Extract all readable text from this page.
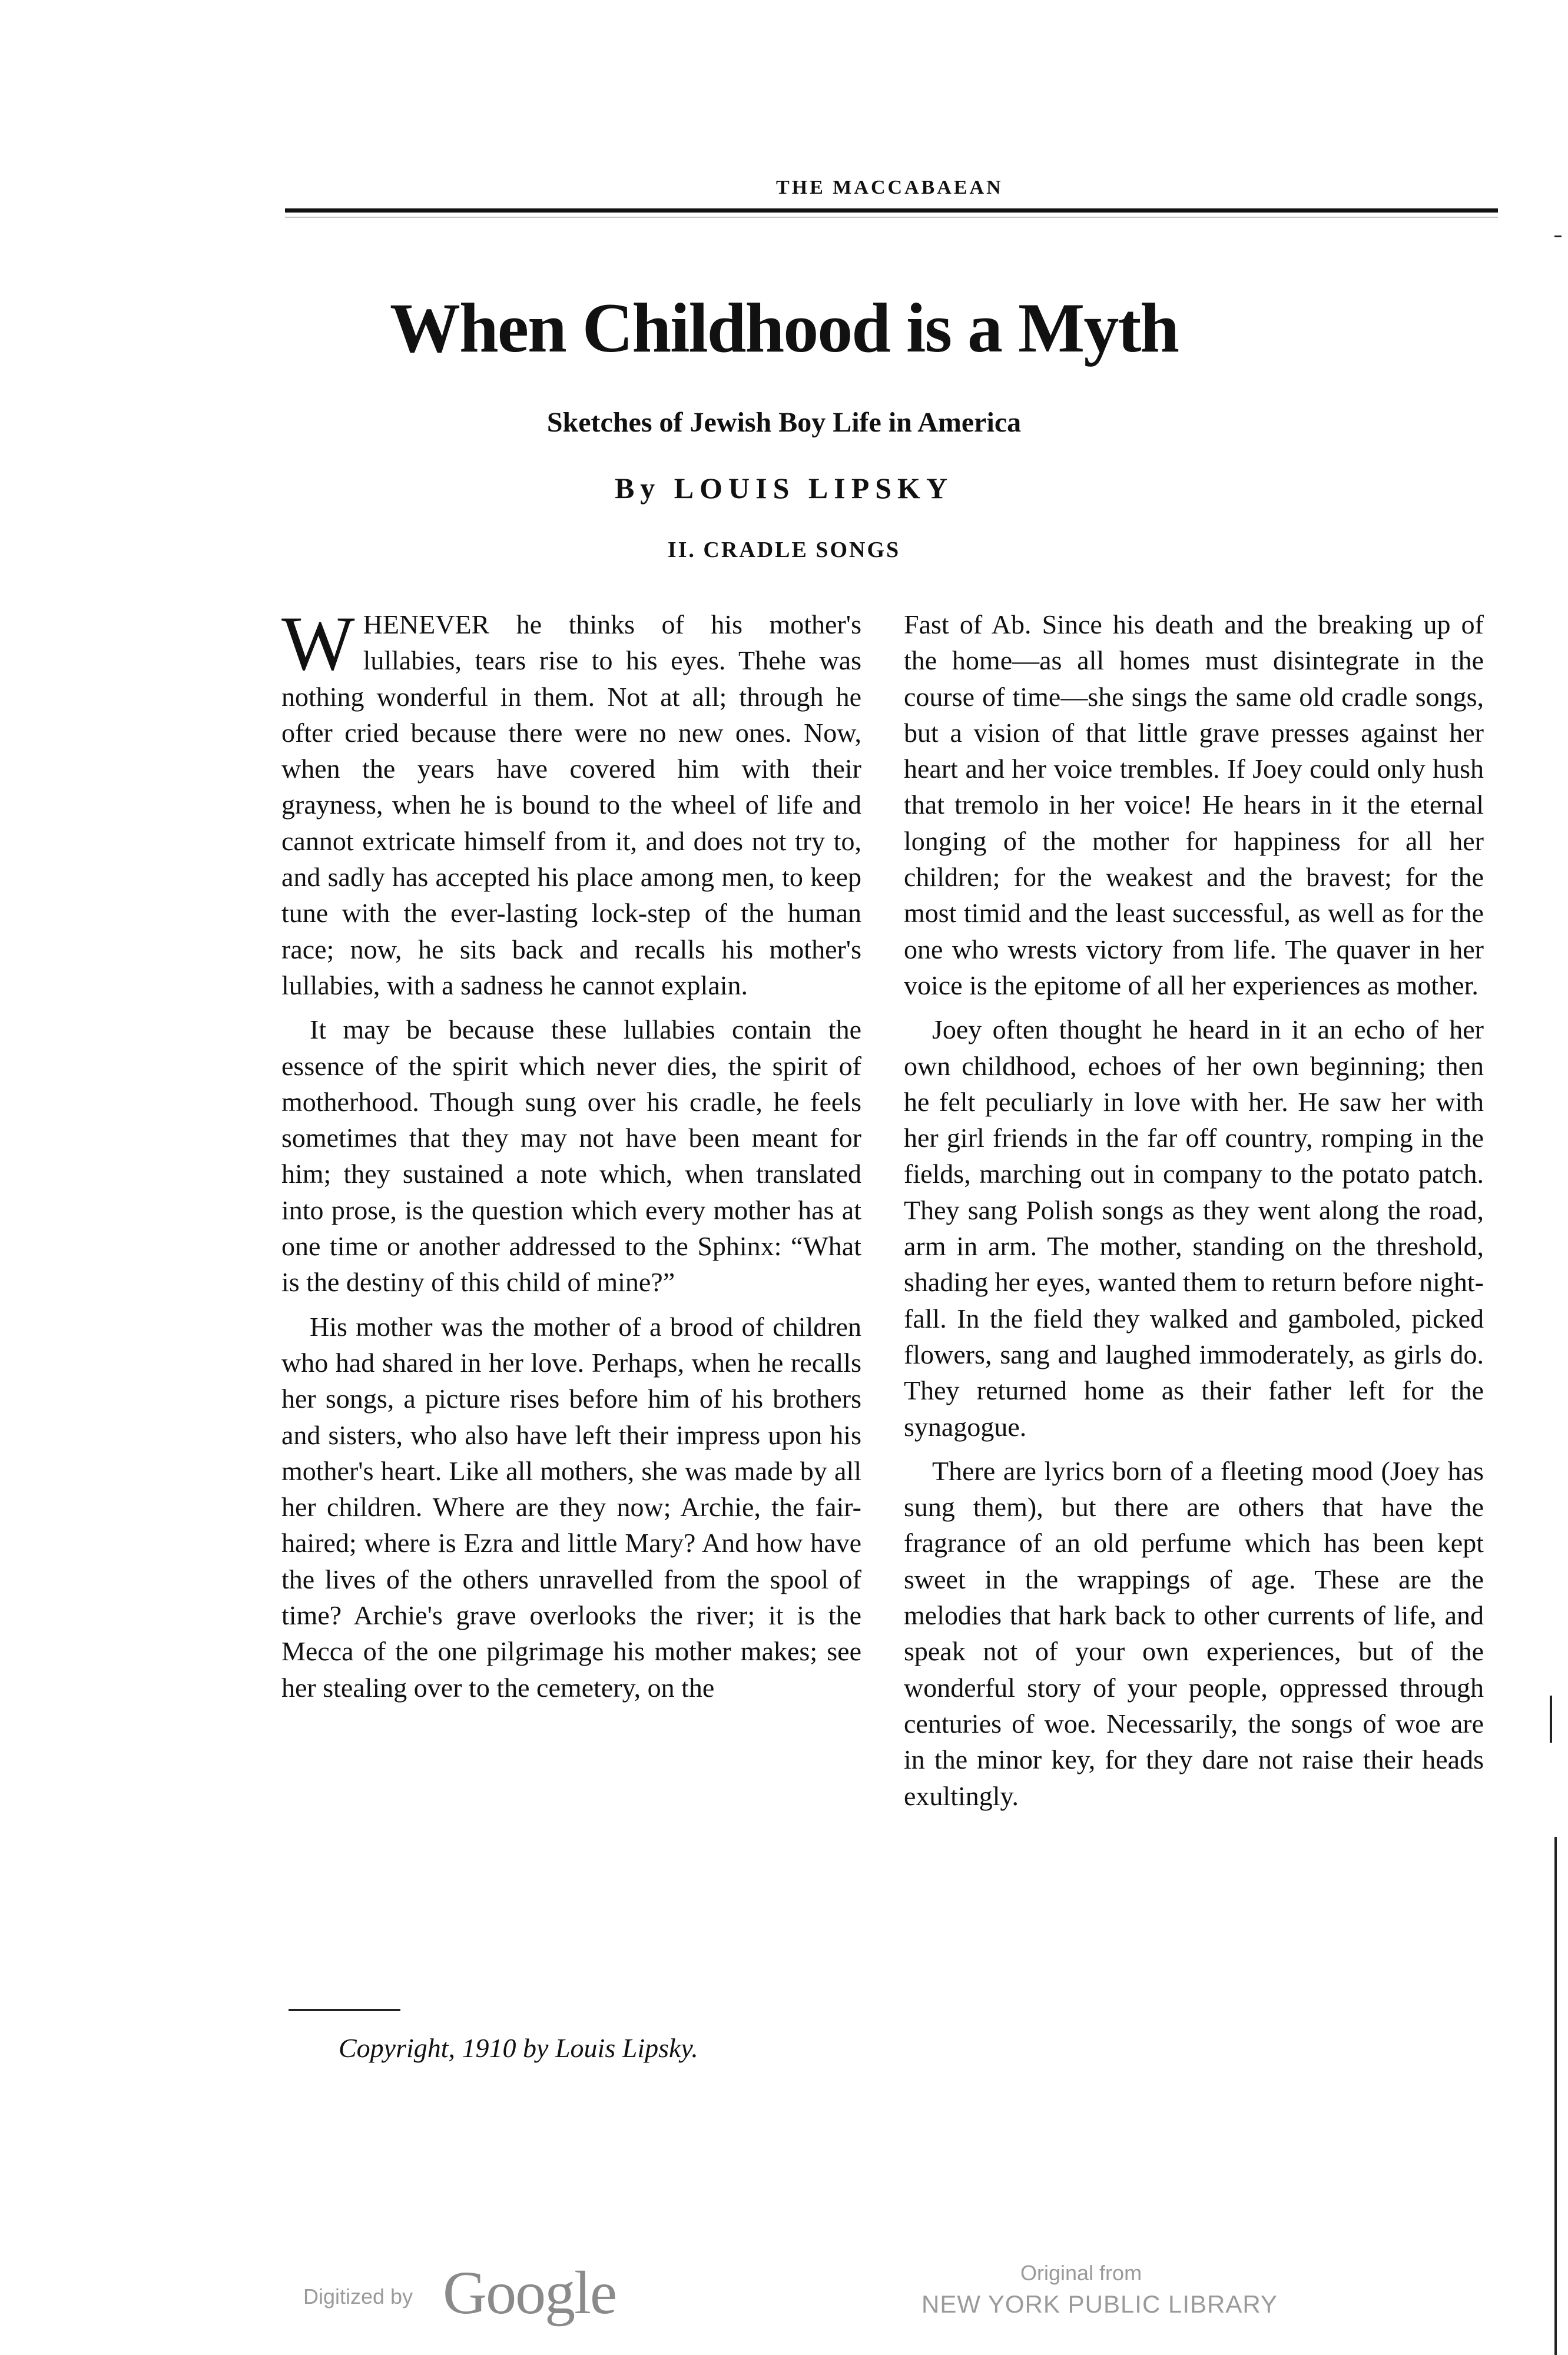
THE MACCABAEAN
When Childhood is a Myth
Sketches of Jewish Boy Life in America
By LOUIS LIPSKY
II. CRADLE SONGS

WHENEVER he thinks of his mother's lullabies, tears rise to his eyes. Thehe was nothing wonderful in them. Not at all; through he ofter cried because there were no new ones. Now, when the years have covered him with their grayness, when he is bound to the wheel of life and cannot extricate himself from it, and does not try to, and sadly has accepted his place among men, to keep tune with the ever-lasting lock-step of the human race; now, he sits back and recalls his mother's lullabies, with a sadness he cannot explain.

It may be because these lullabies contain the essence of the spirit which never dies, the spirit of motherhood. Though sung over his cradle, he feels sometimes that they may not have been meant for him; they sustained a note which, when translated into prose, is the question which every mother has at one time or another addressed to the Sphinx: “What is the destiny of this child of mine?”

His mother was the mother of a brood of children who had shared in her love. Perhaps, when he recalls her songs, a picture rises before him of his brothers and sisters, who also have left their impress upon his mother's heart. Like all mothers, she was made by all her children. Where are they now; Archie, the fair-haired; where is Ezra and little Mary? And how have the lives of the others unravelled from the spool of time? Archie's grave overlooks the river; it is the Mecca of the one pilgrimage his mother makes; see her stealing over to the cemetery, on the

Fast of Ab. Since his death and the breaking up of the home—as all homes must disintegrate in the course of time—she sings the same old cradle songs, but a vision of that little grave presses against her heart and her voice trembles. If Joey could only hush that tremolo in her voice! He hears in it the eternal longing of the mother for happiness for all her children; for the weakest and the bravest; for the most timid and the least successful, as well as for the one who wrests victory from life. The quaver in her voice is the epitome of all her experiences as mother.

Joey often thought he heard in it an echo of her own childhood, echoes of her own beginning; then he felt peculiarly in love with her. He saw her with her girl friends in the far off country, romping in the fields, marching out in company to the potato patch. They sang Polish songs as they went along the road, arm in arm. The mother, standing on the threshold, shading her eyes, wanted them to return before night-fall. In the field they walked and gamboled, picked flowers, sang and laughed immoderately, as girls do. They returned home as their father left for the synagogue.

There are lyrics born of a fleeting mood (Joey has sung them), but there are others that have the fragrance of an old perfume which has been kept sweet in the wrappings of age. These are the melodies that hark back to other currents of life, and speak not of your own experiences, but of the wonderful story of your people, oppressed through centuries of woe. Necessarily, the songs of woe are in the minor key, for they dare not raise their heads exultingly.

Copyright, 1910 by Louis Lipsky.
Digitized by Google	Original from
NEW YORK PUBLIC LIBRARY
